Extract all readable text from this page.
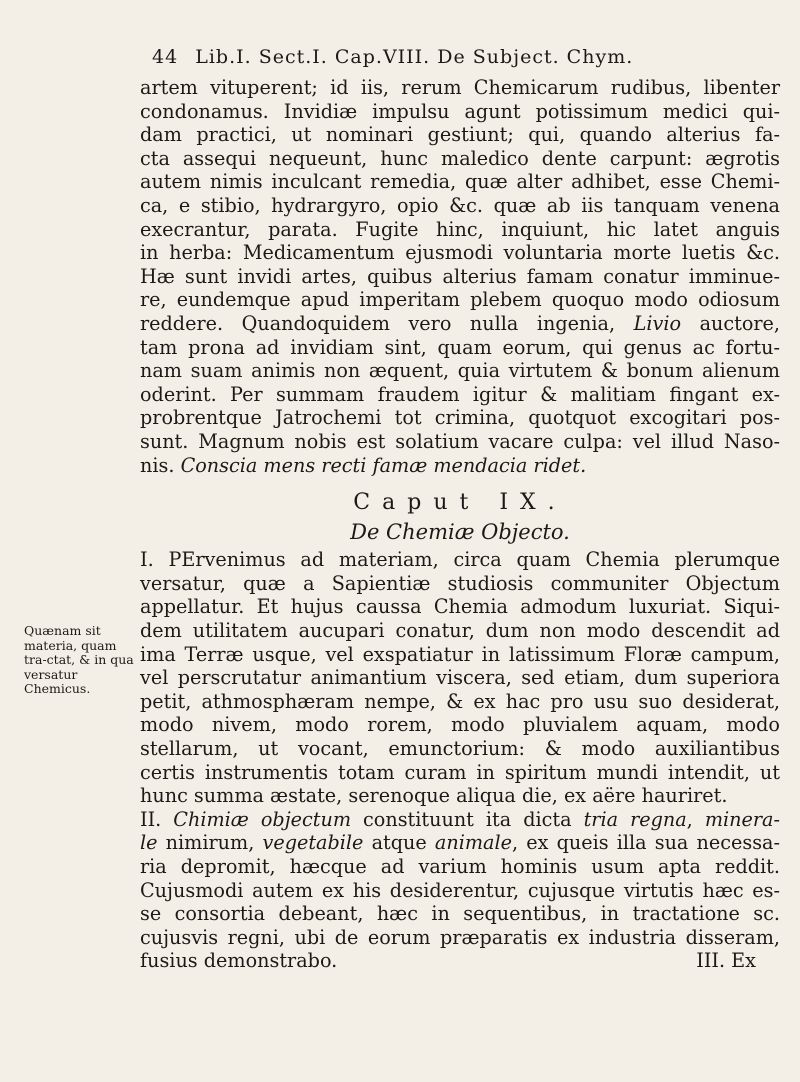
44 Lib.I. Sect.I. Cap.VIII. De Subject. Chym.
Quænam sit materia, quam tra-ctat, & in qua versatur Chemicus.

artem vituperent; id iis, rerum Chemicarum rudibus, libenter
condonamus. Invidiæ impulsu agunt potissimum medici qui-
dam practici, ut nominari gestiunt; qui, quando alterius fa-
cta assequi nequeunt, hunc maledico dente carpunt: ægrotis
autem nimis inculcant remedia, quæ alter adhibet, esse Chemi-
ca, e stibio, hydrargyro, opio &c. quæ ab iis tanquam venena
execrantur, parata. Fugite hinc, inquiunt, hic latet anguis
in herba: Medicamentum ejusmodi voluntaria morte luetis &c.
Hæ sunt invidi artes, quibus alterius famam conatur imminue-
re, eundemque apud imperitam plebem quoquo modo odiosum
reddere. Quandoquidem vero nulla ingenia, Livio auctore,
tam prona ad invidiam sint, quam eorum, qui genus ac fortu-
nam suam animis non æquent, quia virtutem & bonum alienum
oderint. Per summam fraudem igitur & malitiam fingant ex-
probrentque Jatrochemi tot crimina, quotquot excogitari pos-
sunt. Magnum nobis est solatium vacare culpa: vel illud Naso-
nis. Conscia mens recti famæ mendacia ridet.

Caput IX.
De Chemiæ Objecto.

I. PErvenimus ad materiam, circa quam Chemia plerumque
versatur, quæ a Sapientiæ studiosis communiter Objectum
appellatur. Et hujus caussa Chemia admodum luxuriat. Siqui-
dem utilitatem aucupari conatur, dum non modo descendit ad
ima Terræ usque, vel exspatiatur in latissimum Floræ campum,
vel perscrutatur animantium viscera, sed etiam, dum superiora
petit, athmosphæram nempe, & ex hac pro usu suo desiderat,
modo nivem, modo rorem, modo pluvialem aquam, modo
stellarum, ut vocant, emunctorium: & modo auxiliantibus
certis instrumentis totam curam in spiritum mundi intendit, ut
hunc summa æstate, serenoque aliqua die, ex aëre hauriret.

II. Chimiæ objectum constituunt ita dicta tria regna, minera-
le nimirum, vegetabile atque animale, ex queis illa sua necessa-
ria depromit, hæcque ad varium hominis usum apta reddit.
Cujusmodi autem ex his desiderentur, cujusque virtutis hæc es-
se consortia debeant, hæc in sequentibus, in tractatione sc.
cujusvis regni, ubi de eorum præparatis ex industria disseram,
fusius demonstrabo.	III. Ex
